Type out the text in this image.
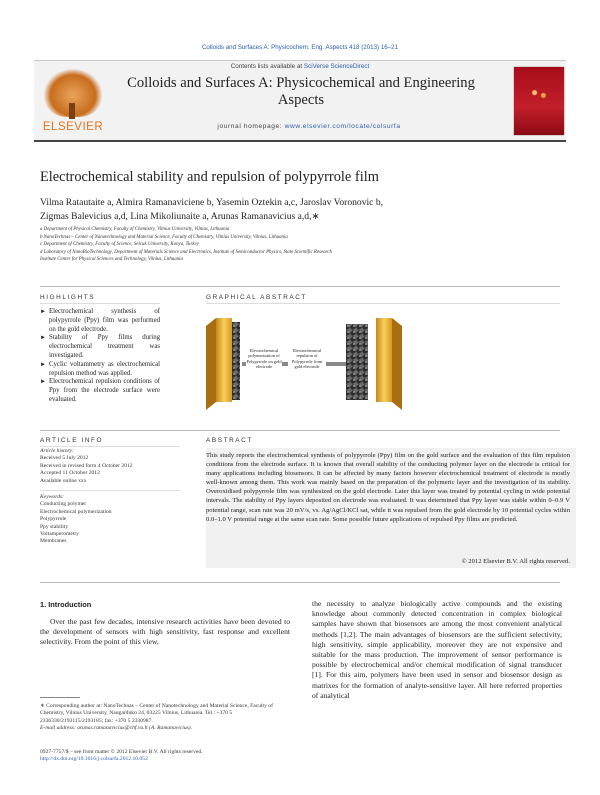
Colloids and Surfaces A: Physicochem. Eng. Aspects 418 (2013) 16–21
Contents lists available at SciVerse ScienceDirect
ELSEVIER
Colloids and Surfaces A: Physicochemical and Engineering Aspects
journal homepage: www.elsevier.com/locate/colsurfa
Electrochemical stability and repulsion of polypyrrole film
Vilma Ratautaite a, Almira Ramanaviciene b, Yasemin Oztekin a,c, Jaroslav Voronovic b,
Zigmas Balevicius a,d, Lina Mikoliunaite a, Arunas Ramanavicius a,d,∗
a Department of Physical Chemistry, Faculty of Chemistry, Vilnius University, Vilnius, Lithuania
b NanoTechnas – Center of Nanotechnology and Material Science, Faculty of Chemistry, Vilnius University, Vilnius, Lithuania
c Department of Chemistry, Faculty of Science, Selcuk University, Konya, Turkey
d Laboratory of NanoBioTechnology, Department of Materials Science and Electronics, Institute of Semiconductor Physics, State Scientific Research
Institute Center for Physical Sciences and Technology, Vilnius, Lithuania
HIGHLIGHTS
► Electrochemical synthesis of polypyrrole (Ppy) film was performed on the gold electrode.
► Stability of Ppy films during electrochemical treatment was investigated.
► Cyclic voltammetry as electrochemical repulsion method was applied.
► Electrochemical repulsion conditions of Ppy from the electrode surface were evaluated.
GRAPHICAL ABSTRACT
Electrochemical polymerization of Polypyrrole on gold electrode
Electrochemical repulsion of Polypyrrole from gold electrode
ARTICLE INFO
Article history:
Received 5 July 2012
Received in revised form 4 October 2012
Accepted 11 October 2012
Available online xxx
Keywords:
Conducting polymer
Electrochemical polymerization
Polypyrrole
Ppy stability
Voltamperometry
Membranes
ABSTRACT
This study reports the electrochemical synthesis of polypyrrole (Ppy) film on the gold surface and the evaluation of this film repulsion conditions from the electrode surface. It is known that overall stability of the conducting polymer layer on the electrode is critical for many applications including biosensors. It can be affected by many factors however electrochemical treatment of electrode is mostly well-known among them. This work was mainly based on the preparation of the polymeric layer and the investigation of its stability. Overoxidised polypyrrole film was synthesized on the gold electrode. Later this layer was treated by potential cycling in wide potential intervals. The stability of Ppy layers deposited on electrode was evaluated. It was determined that Ppy layer was stable within 0–0.9 V potential range, scan rate was 20 mV/s, vs. Ag/AgCl/KCl sat, while it was repulsed from the gold electrode by 10 potential cycles within 0.0–1.0 V potential range at the same scan rate. Some possible future applications of repulsed Ppy films are predicted.
© 2012 Elsevier B.V. All rights reserved.
1. Introduction
Over the past few decades, intensive research activities have been devoted to the development of sensors with high sensitivity, fast response and excellent selectivity. From the point of this view,
the necessity to analyze biologically active compounds and the existing knowledge about commonly detected concentration in complex biological samples have shown that biosensors are among the most convenient analytical methods [1,2]. The main advantages of biosensors are the sufficient selectivity, high sensitivity, simple applicability, moreover they are not expensive and suitable for the mass production. The improvement of sensor performance is possible by electrochemical and/or chemical modification of signal transducer [1]. For this aim, polymers have been used in sensor and biosensor design as matrixes for the formation of analyte-sensitive layer. All here referred properties of analytical
∗ Corresponding author at: NanoTechnas – Center of Nanotechnology and Material Science, Faculty of Chemistry, Vilnius University, Naugarduko 24, 03225 Vilnius, Lithuania. Tel.: +370 5 2336330/2193115/2193185; fax: +370 5 2330987.
E-mail address: arunas.ramanavicius@chf.vu.lt (A. Ramanavicius).
0927-7757/$ – see front matter © 2012 Elsevier B.V. All rights reserved.
http://dx.doi.org/10.1016/j.colsurfa.2012.10.052
